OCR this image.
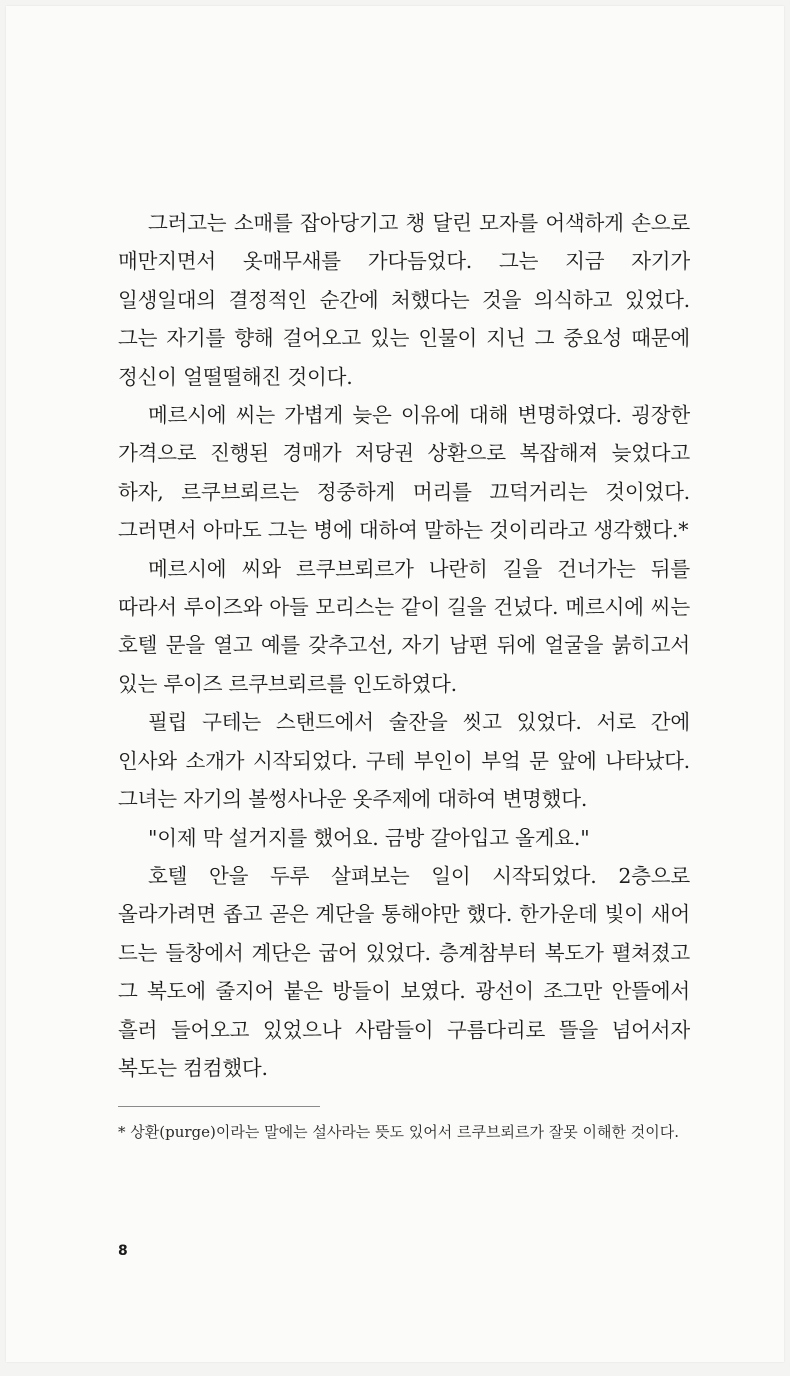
그러고는 소매를 잡아당기고 챙 달린 모자를 어색하게 손으로 매만지면서 옷매무새를 가다듬었다. 그는 지금 자기가 일생일대의 결정적인 순간에 처했다는 것을 의식하고 있었다. 그는 자기를 향해 걸어오고 있는 인물이 지닌 그 중요성 때문에 정신이 얼떨떨해진 것이다.

메르시에 씨는 가볍게 늦은 이유에 대해 변명하였다. 굉장한 가격으로 진행된 경매가 저당권 상환으로 복잡해져 늦었다고 하자, 르쿠브뢰르는 정중하게 머리를 끄덕거리는 것이었다. 그러면서 아마도 그는 병에 대하여 말하는 것이리라고 생각했다.*

메르시에 씨와 르쿠브뢰르가 나란히 길을 건너가는 뒤를 따라서 루이즈와 아들 모리스는 같이 길을 건넜다. 메르시에 씨는 호텔 문을 열고 예를 갖추고선, 자기 남편 뒤에 얼굴을 붉히고서 있는 루이즈 르쿠브뢰르를 인도하였다.

필립 구테는 스탠드에서 술잔을 씻고 있었다. 서로 간에 인사와 소개가 시작되었다. 구테 부인이 부엌 문 앞에 나타났다. 그녀는 자기의 볼썽사나운 옷주제에 대하여 변명했다.

"이제 막 설거지를 했어요. 금방 갈아입고 올게요."

호텔 안을 두루 살펴보는 일이 시작되었다. 2층으로 올라가려면 좁고 곧은 계단을 통해야만 했다. 한가운데 빛이 새어 드는 들창에서 계단은 굽어 있었다. 층계참부터 복도가 펼쳐졌고 그 복도에 줄지어 붙은 방들이 보였다. 광선이 조그만 안뜰에서 흘러 들어오고 있었으나 사람들이 구름다리로 뜰을 넘어서자 복도는 컴컴했다.

* 상환(purge)이라는 말에는 설사라는 뜻도 있어서 르쿠브뢰르가 잘못 이해한 것이다.

8
